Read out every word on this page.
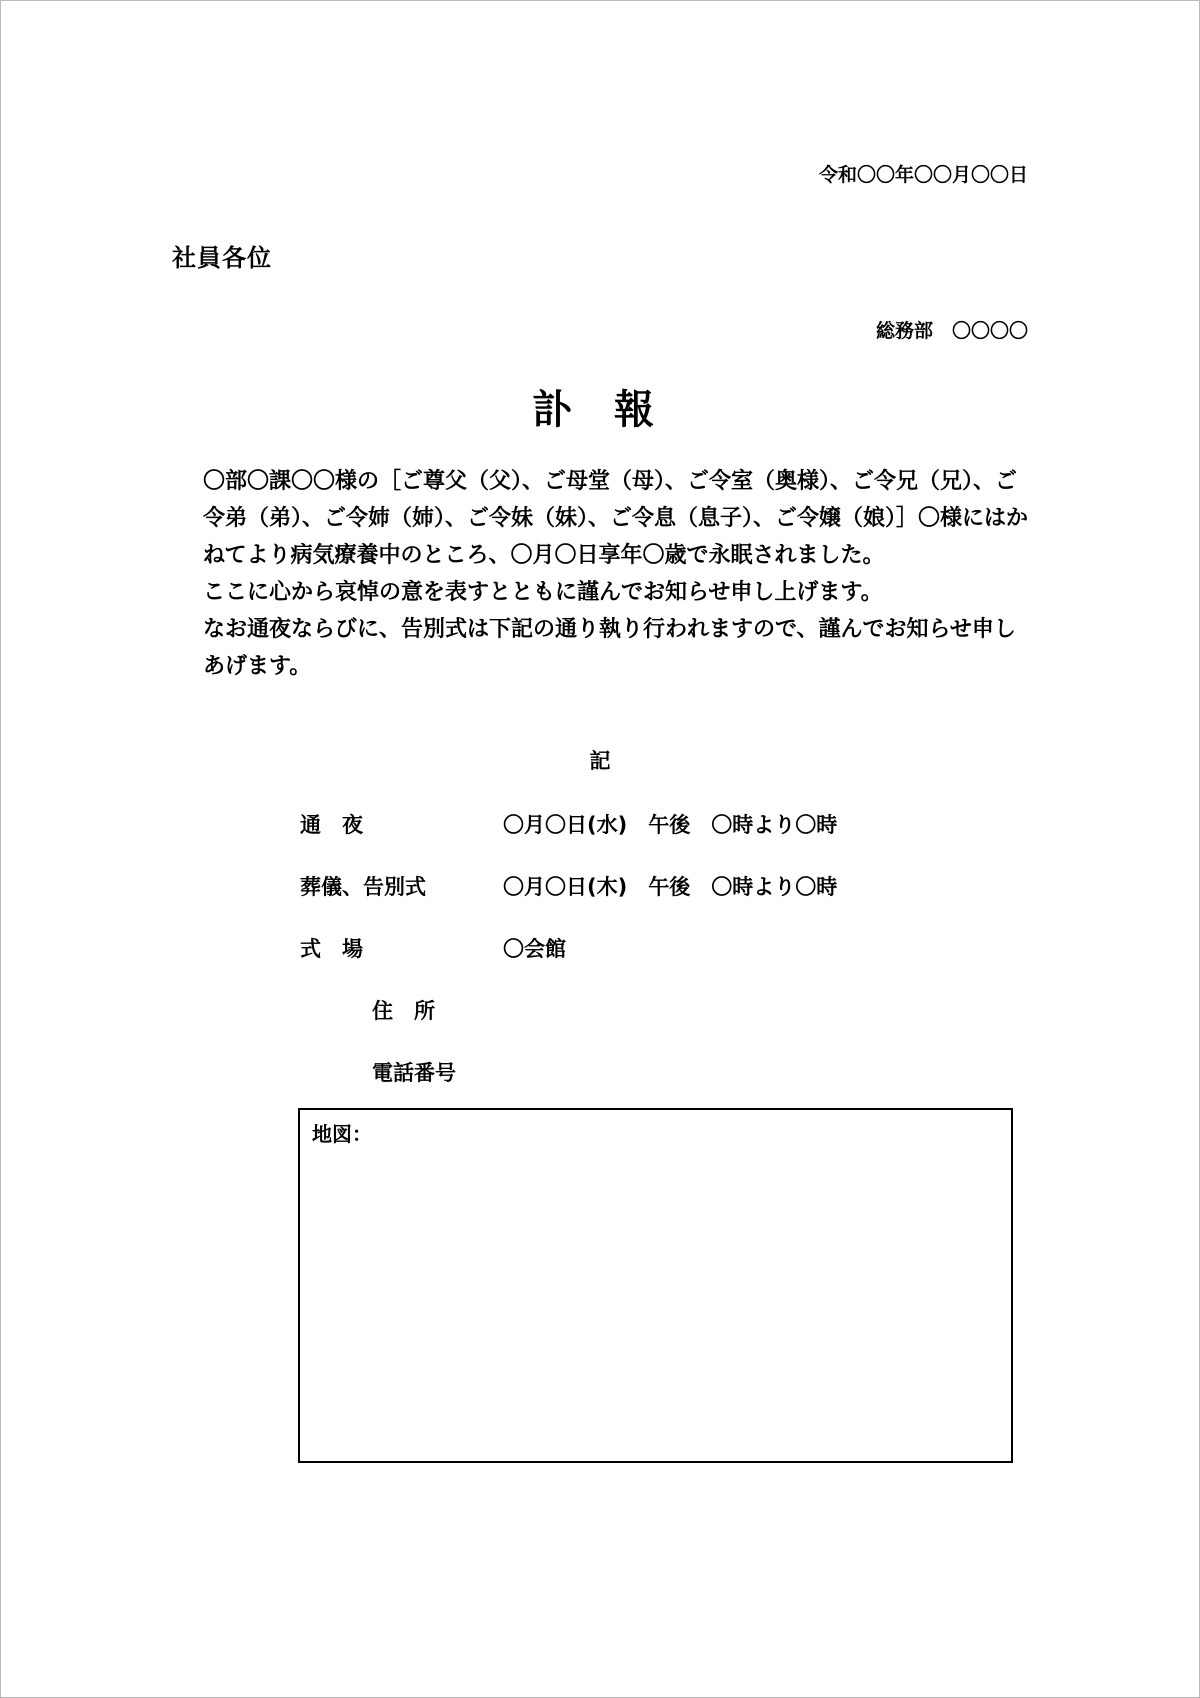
令和〇〇年〇〇月〇〇日
社員各位
総務部　〇〇〇〇
訃 報

〇部〇課〇〇様の［ご尊父（父）、ご母堂（母）、ご令室（奥様）、ご令兄（兄）、ご令弟（弟）、ご令姉（姉）、ご令妹（妹）、ご令息（息子）、ご令嬢（娘）］〇様にはかねてより病気療養中のところ、〇月〇日享年〇歳で永眠されました。

ここに心から哀悼の意を表すとともに謹んでお知らせ申し上げます。

なお通夜ならびに、告別式は下記の通り執り行われますので、謹んでお知らせ申しあげます。

記
通　夜	〇月〇日(水)　午後　〇時より〇時
葬儀、告別式	〇月〇日(木)　午後　〇時より〇時
式　場	〇会館
住　所
電話番号
地図：
